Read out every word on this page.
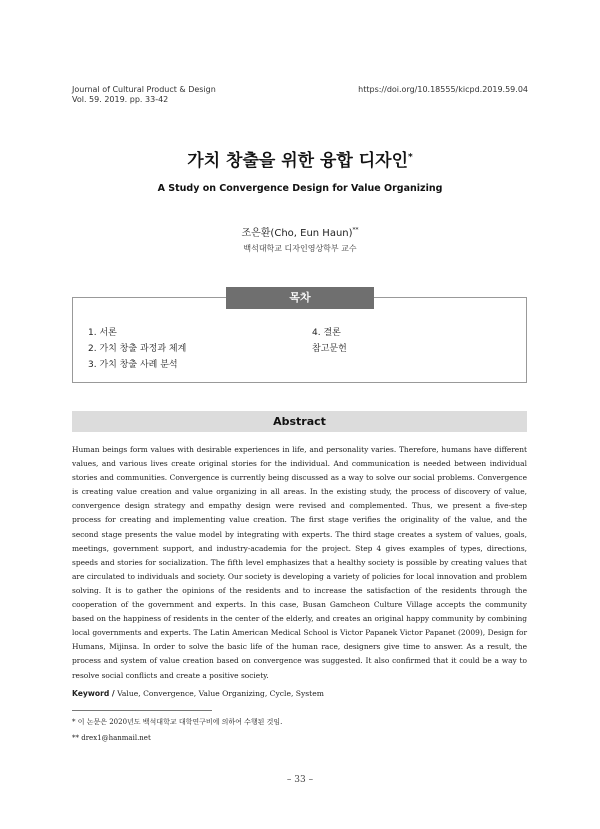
Journal of Cultural Product & Design
Vol. 59. 2019. pp. 33-42
https://doi.org/10.18555/kicpd.2019.59.04
가치 창출을 위한 융합 디자인*
A Study on Convergence Design for Value Organizing
조은환(Cho, Eun Haun)**
백석대학교 디자인영상학부 교수
목차
1. 서론
2. 가치 창출 과정과 체계
3. 가치 창출 사례 분석
4. 결론
참고문헌
Abstract
Human beings form values with desirable experiences in life, and personality varies. Therefore, humans have different values, and various lives create original stories for the individual. And communication is needed between individual stories and communities. Convergence is currently being discussed as a way to solve our social problems. Convergence is creating value creation and value organizing in all areas. In the existing study, the process of discovery of value, convergence design strategy and empathy design were revised and complemented. Thus, we present a five-step process for creating and implementing value creation. The first stage verifies the originality of the value, and the second stage presents the value model by integrating with experts. The third stage creates a system of values, goals, meetings, government support, and industry-academia for the project. Step 4 gives examples of types, directions, speeds and stories for socialization. The fifth level emphasizes that a healthy society is possible by creating values that are circulated to individuals and society. Our society is developing a variety of policies for local innovation and problem solving. It is to gather the opinions of the residents and to increase the satisfaction of the residents through the cooperation of the government and experts. In this case, Busan Gamcheon Culture Village accepts the community based on the happiness of residents in the center of the elderly, and creates an original happy community by combining local governments and experts. The Latin American Medical School is Victor Papanek Victor Papanet (2009), Design for Humans, Mijinsa. In order to solve the basic life of the human race, designers give time to answer. As a result, the process and system of value creation based on convergence was suggested. It also confirmed that it could be a way to resolve social conflicts and create a positive society.
Keyword / Value, Convergence, Value Organizing, Cycle, System
* 이 논문은 2020년도 백석대학교 대학연구비에 의하여 수행된 것임.
** drex1@hanmail.net
– 33 –
